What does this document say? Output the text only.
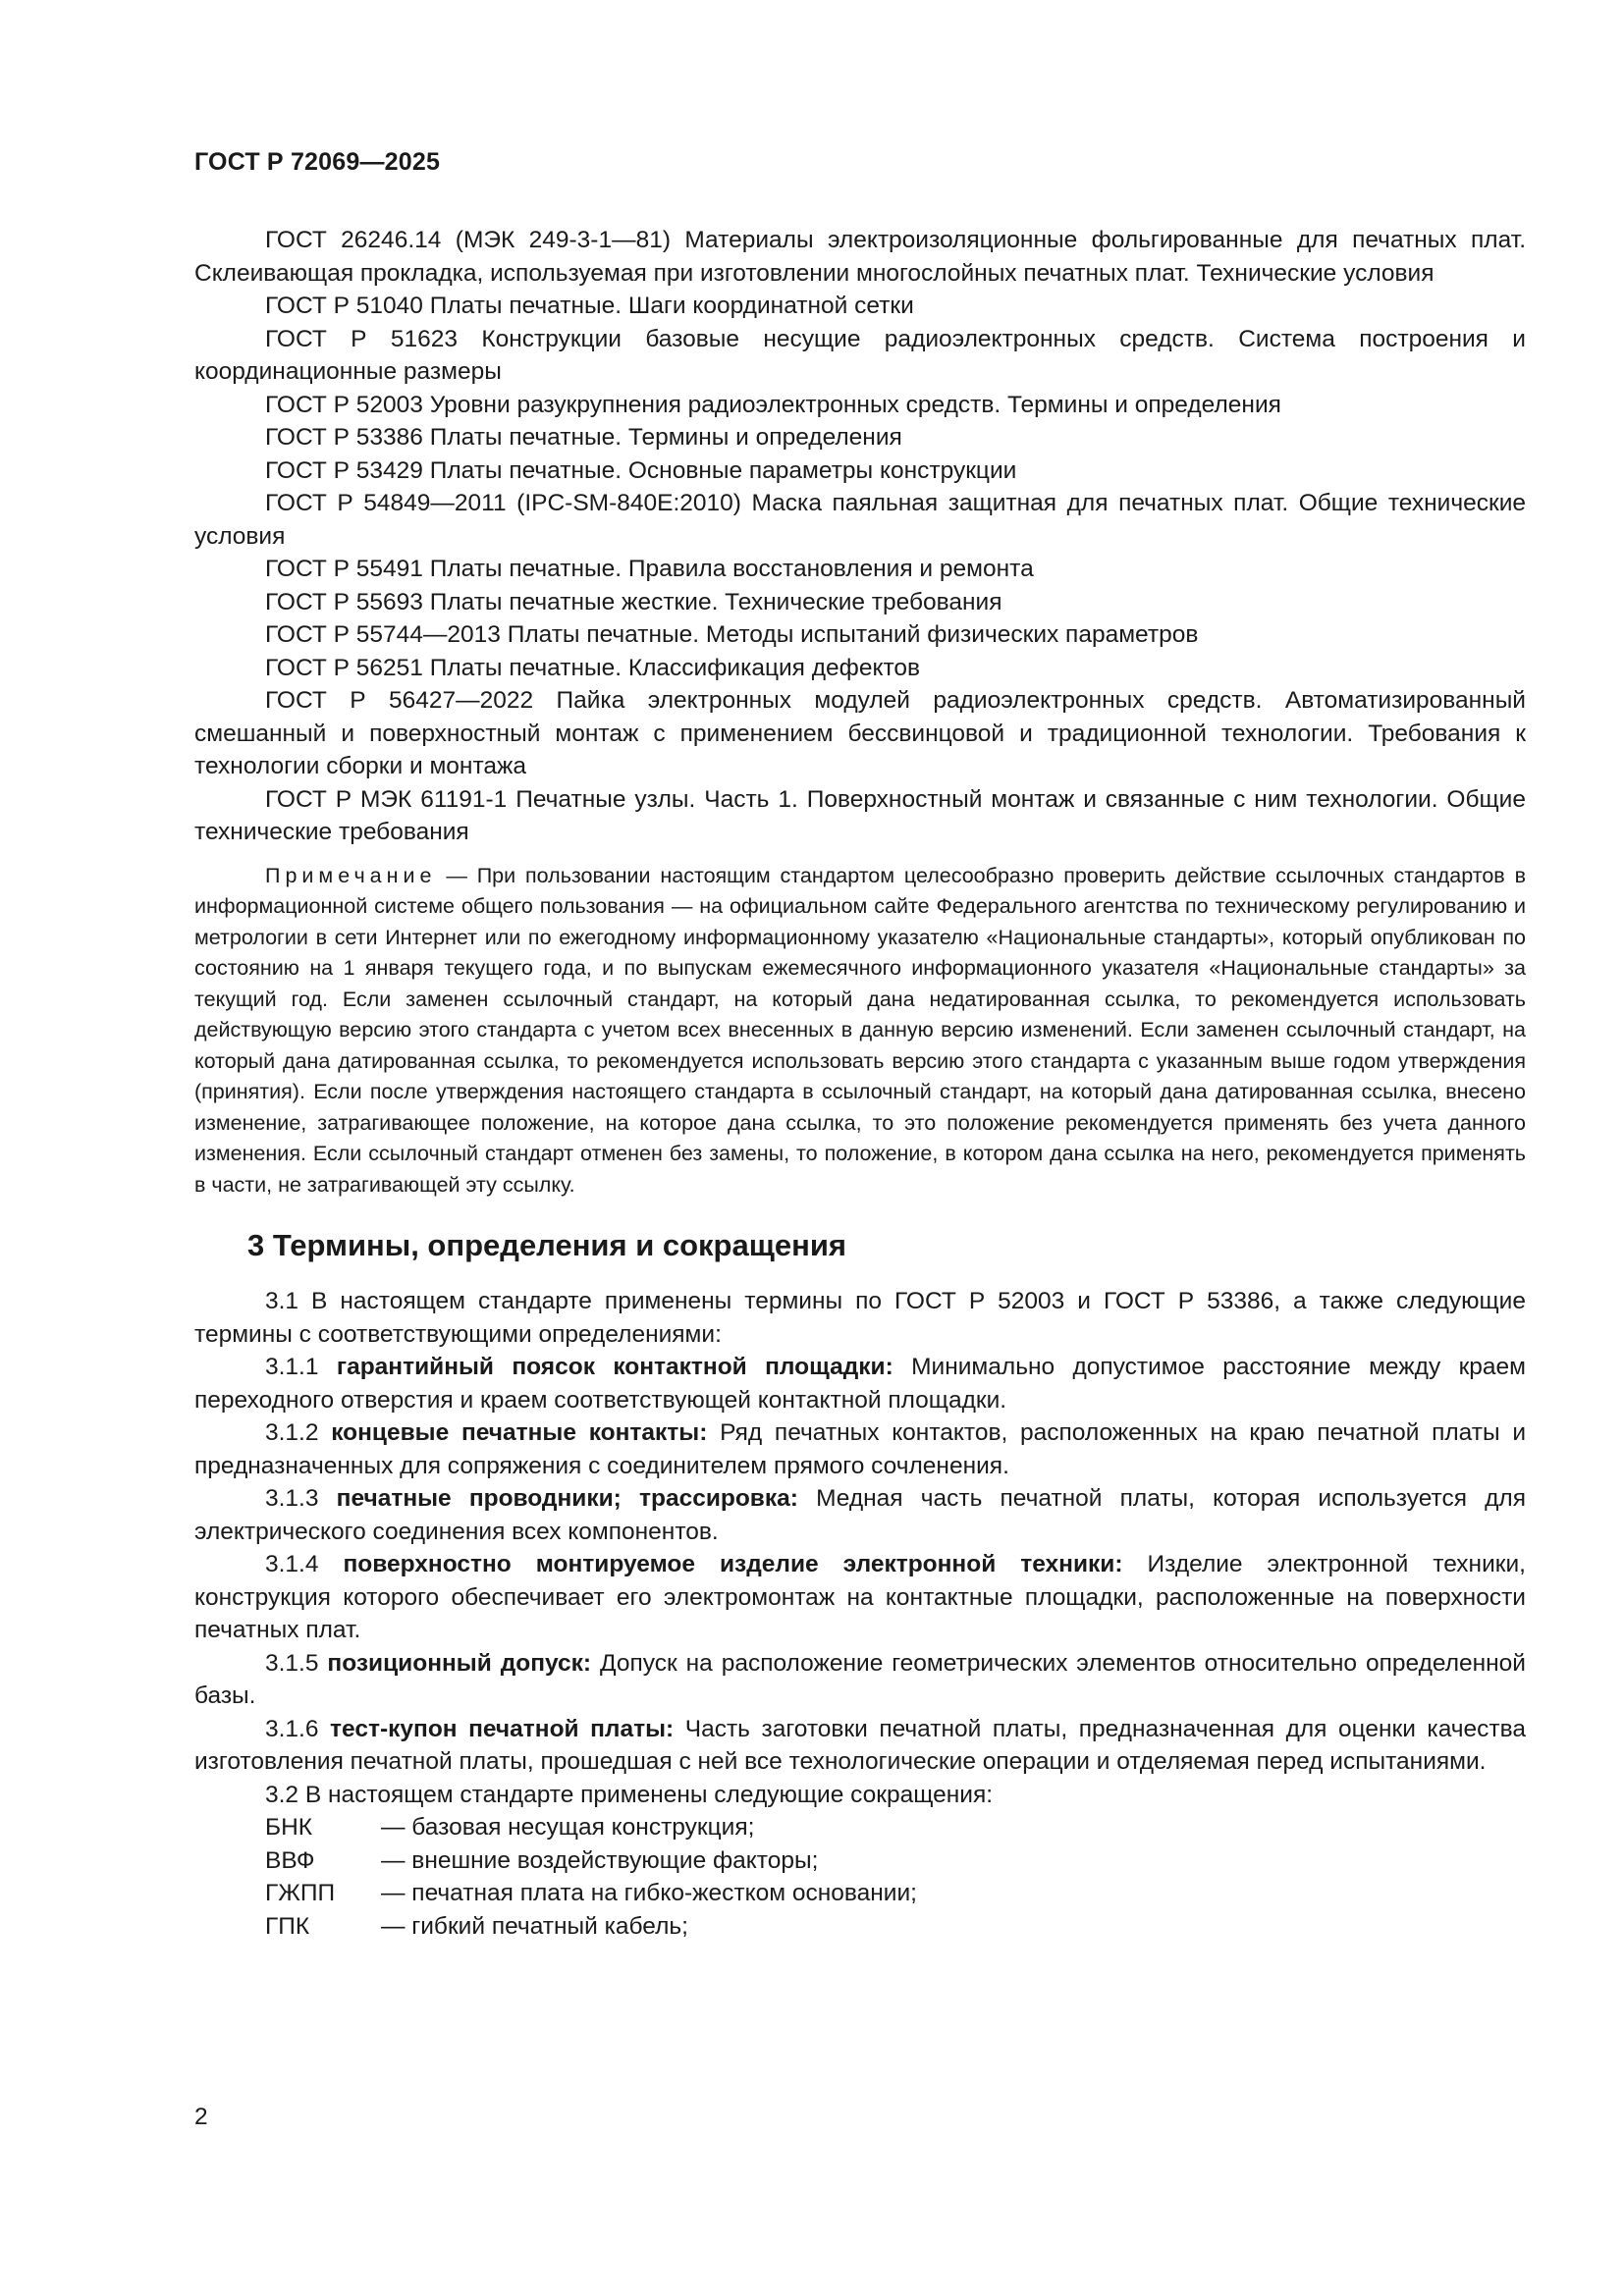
ГОСТ Р 72069—2025

ГОСТ 26246.14 (МЭК 249-3-1—81) Материалы электроизоляционные фольгированные для печатных плат. Склеивающая прокладка, используемая при изготовлении многослойных печатных плат. Технические условия

ГОСТ Р 51040 Платы печатные. Шаги координатной сетки

ГОСТ Р 51623 Конструкции базовые несущие радиоэлектронных средств. Система построения и координационные размеры

ГОСТ Р 52003 Уровни разукрупнения радиоэлектронных средств. Термины и определения

ГОСТ Р 53386 Платы печатные. Термины и определения

ГОСТ Р 53429 Платы печатные. Основные параметры конструкции

ГОСТ Р 54849—2011 (IPC-SM-840E:2010) Маска паяльная защитная для печатных плат. Общие технические условия

ГОСТ Р 55491 Платы печатные. Правила восстановления и ремонта

ГОСТ Р 55693 Платы печатные жесткие. Технические требования

ГОСТ Р 55744—2013 Платы печатные. Методы испытаний физических параметров

ГОСТ Р 56251 Платы печатные. Классификация дефектов

ГОСТ Р 56427—2022 Пайка электронных модулей радиоэлектронных средств. Автоматизированный смешанный и поверхностный монтаж с применением бессвинцовой и традиционной технологии. Требования к технологии сборки и монтажа

ГОСТ Р МЭК 61191-1 Печатные узлы. Часть 1. Поверхностный монтаж и связанные с ним технологии. Общие технические требования

Примечание — При пользовании настоящим стандартом целесообразно проверить действие ссылочных стандартов в информационной системе общего пользования — на официальном сайте Федерального агентства по техническому регулированию и метрологии в сети Интернет или по ежегодному информационному указателю «Национальные стандарты», который опубликован по состоянию на 1 января текущего года, и по выпускам ежемесячного информационного указателя «Национальные стандарты» за текущий год. Если заменен ссылочный стандарт, на который дана недатированная ссылка, то рекомендуется использовать действующую версию этого стандарта с учетом всех внесенных в данную версию изменений. Если заменен ссылочный стандарт, на который дана датированная ссылка, то рекомендуется использовать версию этого стандарта с указанным выше годом утверждения (принятия). Если после утверждения настоящего стандарта в ссылочный стандарт, на который дана датированная ссылка, внесено изменение, затрагивающее положение, на которое дана ссылка, то это положение рекомендуется применять без учета данного изменения. Если ссылочный стандарт отменен без замены, то положение, в котором дана ссылка на него, рекомендуется применять в части, не затрагивающей эту ссылку.

3 Термины, определения и сокращения

3.1 В настоящем стандарте применены термины по ГОСТ Р 52003 и ГОСТ Р 53386, а также следующие термины с соответствующими определениями:

3.1.1 гарантийный поясок контактной площадки: Минимально допустимое расстояние между краем переходного отверстия и краем соответствующей контактной площадки.

3.1.2 концевые печатные контакты: Ряд печатных контактов, расположенных на краю печатной платы и предназначенных для сопряжения с соединителем прямого сочленения.

3.1.3 печатные проводники; трассировка: Медная часть печатной платы, которая используется для электрического соединения всех компонентов.

3.1.4 поверхностно монтируемое изделие электронной техники: Изделие электронной техники, конструкция которого обеспечивает его электромонтаж на контактные площадки, расположенные на поверхности печатных плат.

3.1.5 позиционный допуск: Допуск на расположение геометрических элементов относительно определенной базы.

3.1.6 тест-купон печатной платы: Часть заготовки печатной платы, предназначенная для оценки качества изготовления печатной платы, прошедшая с ней все технологические операции и отделяемая перед испытаниями.

3.2 В настоящем стандарте применены следующие сокращения:

БНК	— базовая несущая конструкция;
ВВФ	— внешние воздействующие факторы;
ГЖПП	— печатная плата на гибко-жестком основании;
ГПК	— гибкий печатный кабель;
2
